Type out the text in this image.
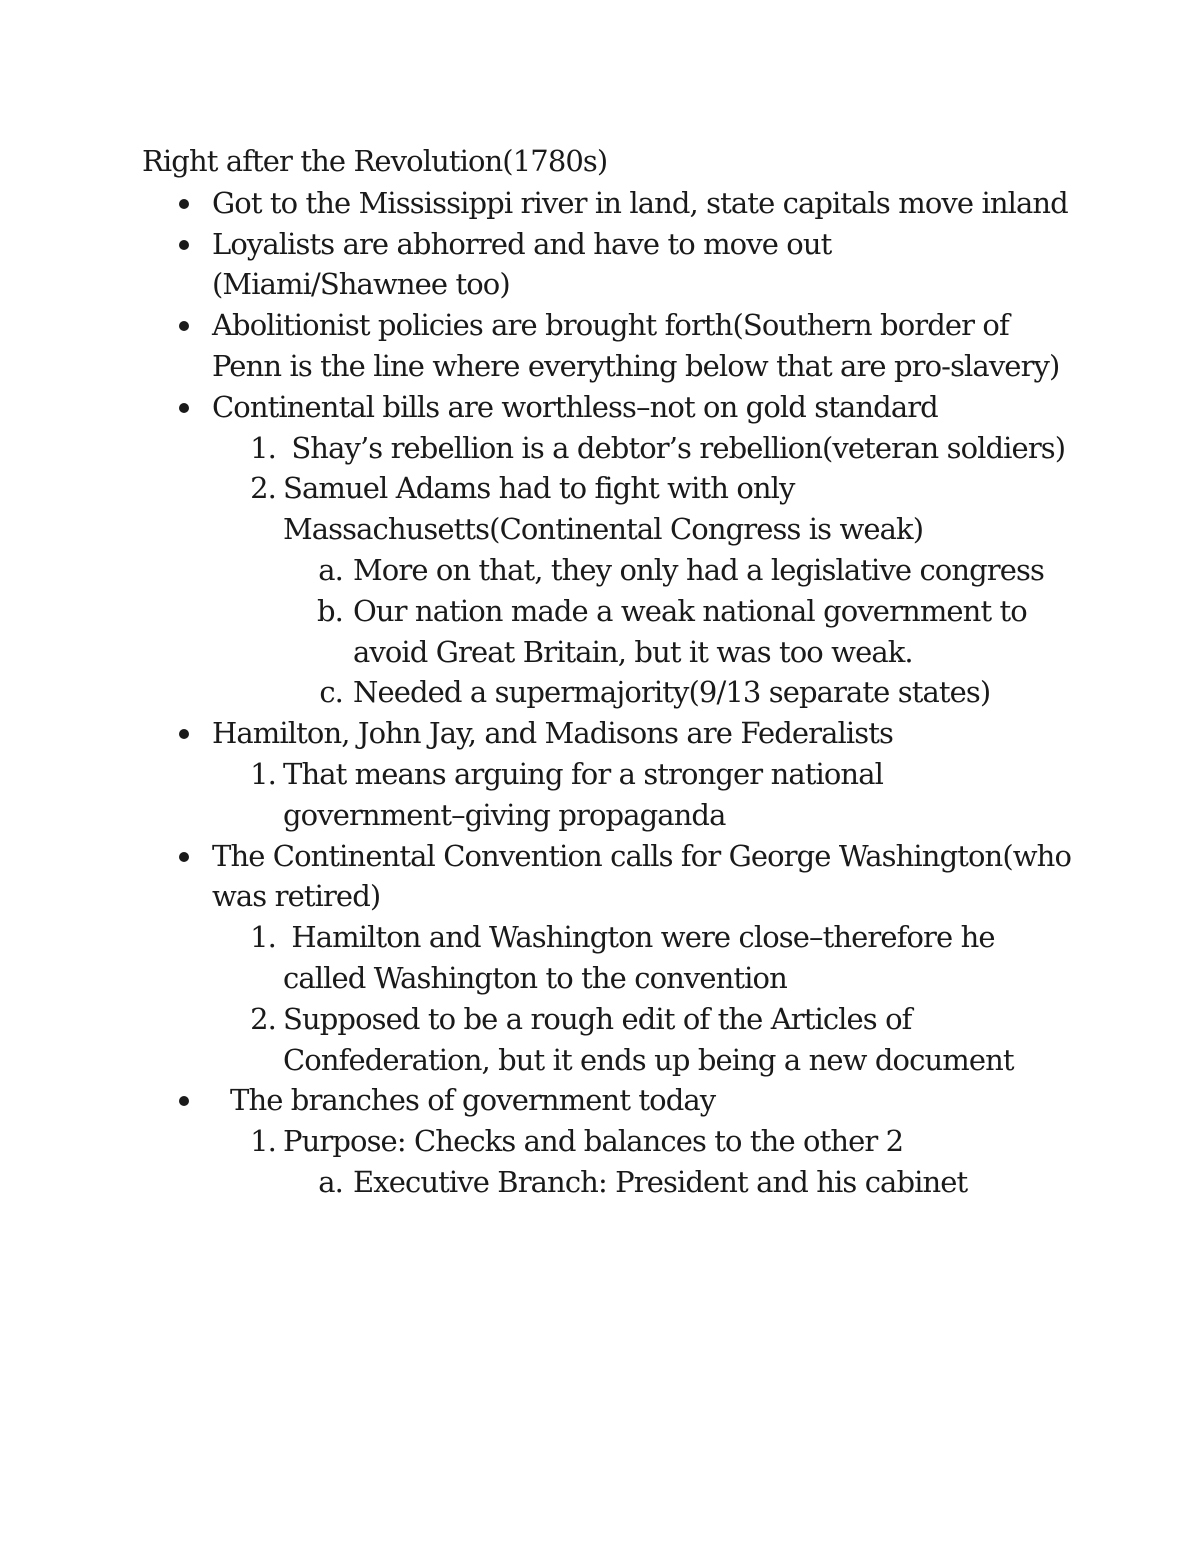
Right after the Revolution(1780s)
Got to the Mississippi river in land, state capitals move inland
Loyalists are abhorred and have to move out (Miami/Shawnee too)
Abolitionist policies are brought forth(Southern border of Penn is the line where everything below that are pro-slavery)
Continental bills are worthless–not on gold standard
1. Shay’s rebellion is a debtor’s rebellion(veteran soldiers)
2. Samuel Adams had to fight with only Massachusetts(Continental Congress is weak)
a. More on that, they only had a legislative congress
b. Our nation made a weak national government to avoid Great Britain, but it was too weak.
c. Needed a supermajority(9/13 separate states)
Hamilton, John Jay, and Madisons are Federalists
1. That means arguing for a stronger national government–giving propaganda
The Continental Convention calls for George Washington(who was retired)
1. Hamilton and Washington were close–therefore he called Washington to the convention
2. Supposed to be a rough edit of the Articles of Confederation, but it ends up being a new document
The branches of government today
1. Purpose: Checks and balances to the other 2
a. Executive Branch: President and his cabinet
